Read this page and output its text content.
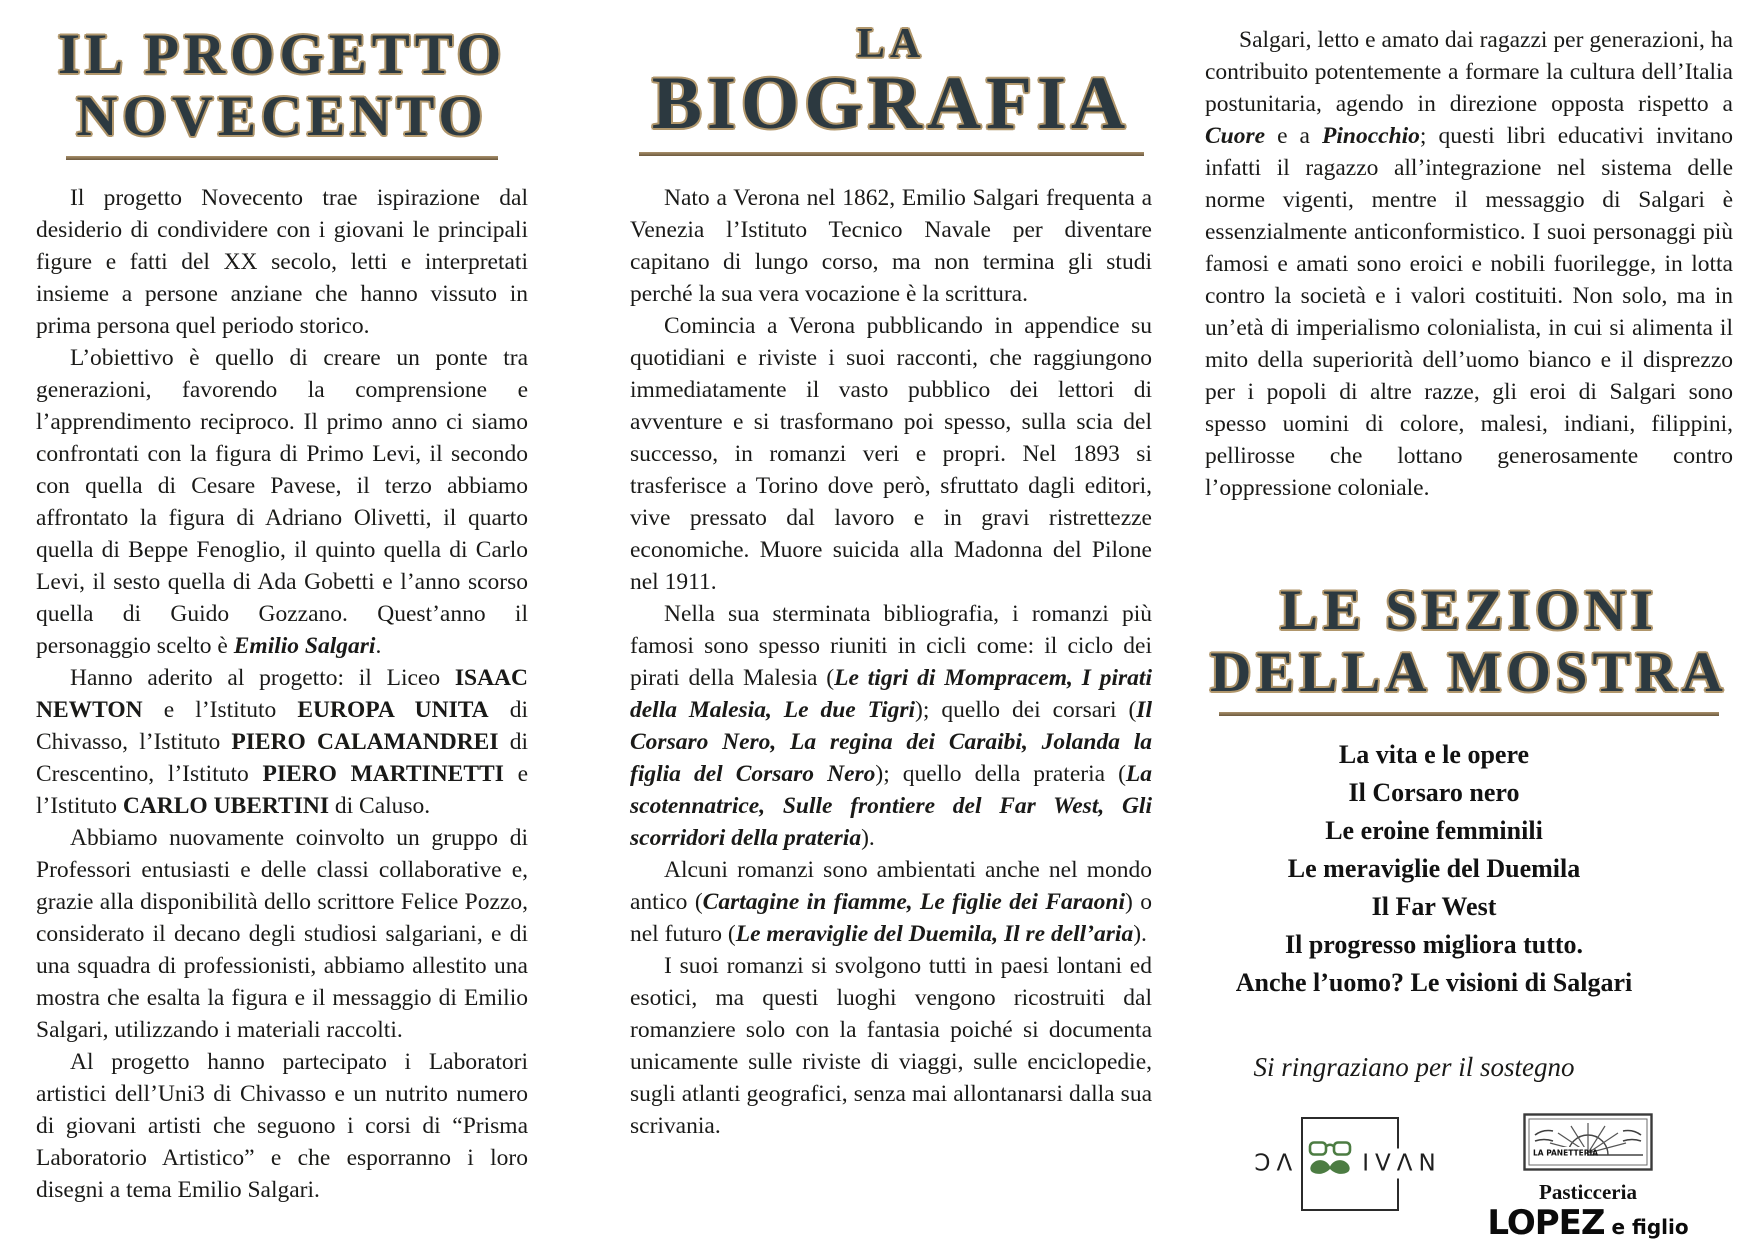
IL PROGETTO
NOVECENTO

Il progetto Novecento trae ispirazione dal desiderio di condividere con i giovani le principali figure e fatti del XX secolo, letti e interpretati insieme a persone anziane che hanno vissuto in prima persona quel periodo storico.

L’obiettivo è quello di creare un ponte tra generazioni, favorendo la comprensione e l’apprendimento reciproco. Il primo anno ci siamo confrontati con la figura di Primo Levi, il secondo con quella di Cesare Pavese, il terzo abbiamo affrontato la figura di Adriano Olivetti, il quarto quella di Beppe Fenoglio, il quinto quella di Carlo Levi, il sesto quella di Ada Gobetti e l’anno scorso quella di Guido Gozzano. Quest’anno il personaggio scelto è Emilio Salgari.

Hanno aderito al progetto: il Liceo ISAAC NEWTON e l’Istituto EUROPA UNITA di Chivasso, l’Istituto PIERO CALAMANDREI di Crescentino, l’Istituto PIERO MARTINETTI e l’Istituto CARLO UBERTINI di Caluso.

Abbiamo nuovamente coinvolto un gruppo di Professori entusiasti e delle classi collaborative e, grazie alla disponibilità dello scrittore Felice Pozzo, considerato il decano degli studiosi salgariani, e di una squadra di professionisti, abbiamo allestito una mostra che esalta la figura e il messaggio di Emilio Salgari, utilizzando i materiali raccolti.

Al progetto hanno partecipato i Laboratori artistici dell’Uni3 di Chivasso e un nutrito numero di giovani artisti che seguono i corsi di “Prisma Laboratorio Artistico” e che esporranno i loro disegni a tema Emilio Salgari.

LA
BIOGRAFIA

Nato a Verona nel 1862, Emilio Salgari frequenta a Venezia l’Istituto Tecnico Navale per diventare capitano di lungo corso, ma non termina gli studi perché la sua vera vocazione è la scrittura.

Comincia a Verona pubblicando in appendice su quotidiani e riviste i suoi racconti, che raggiungono immediatamente il vasto pubblico dei lettori di avventure e si trasformano poi spesso, sulla scia del successo, in romanzi veri e propri. Nel 1893 si trasferisce a Torino dove però, sfruttato dagli editori, vive pressato dal lavoro e in gravi ristrettezze economiche. Muore suicida alla Madonna del Pilone nel 1911.

Nella sua sterminata bibliografia, i romanzi più famosi sono spesso riuniti in cicli come: il ciclo dei pirati della Malesia (Le tigri di Mompracem, I pirati della Malesia, Le due Tigri); quello dei corsari (Il Corsaro Nero, La regina dei Caraibi, Jolanda la figlia del Corsaro Nero); quello della prateria (La scotennatrice, Sulle frontiere del Far West, Gli scorridori della prateria).

Alcuni romanzi sono ambientati anche nel mondo antico (Cartagine in fiamme, Le figlie dei Faraoni) o nel futuro (Le meraviglie del Duemila, Il re dell’aria).

I suoi romanzi si svolgono tutti in paesi lontani ed esotici, ma questi luoghi vengono ricostruiti dal romanziere solo con la fantasia poiché si documenta unicamente sulle riviste di viaggi, sulle enciclopedie, sugli atlanti geografici, senza mai allontanarsi dalla sua scrivania.

Salgari, letto e amato dai ragazzi per generazioni, ha contribuito potentemente a formare la cultura dell’Italia postunitaria, agendo in direzione opposta rispetto a Cuore e a Pinocchio; questi libri educativi invitano infatti il ragazzo all’integrazione nel sistema delle norme vigenti, mentre il messaggio di Salgari è essenzialmente anticonformistico. I suoi personaggi più famosi e amati sono eroici e nobili fuorilegge, in lotta contro la società e i valori costituiti. Non solo, ma in un’età di imperialismo colonialista, in cui si alimenta il mito della superiorità dell’uomo bianco e il disprezzo per i popoli di altre razze, gli eroi di Salgari sono spesso uomini di colore, malesi, indiani, filippini, pellirosse che lottano generosamente contro l’oppressione coloniale.

LE SEZIONI
DELLA MOSTRA
La vita e le opere
Il Corsaro nero
Le eroine femminili
Le meraviglie del Duemila
Il Far West
Il progresso migliora tutto.
Anche l’uomo? Le visioni di Salgari
Si ringraziano per il sostegno
ƆΛ	IVΛN	LA PANETTERIA
Pasticceria
LOPEZ e figlio
